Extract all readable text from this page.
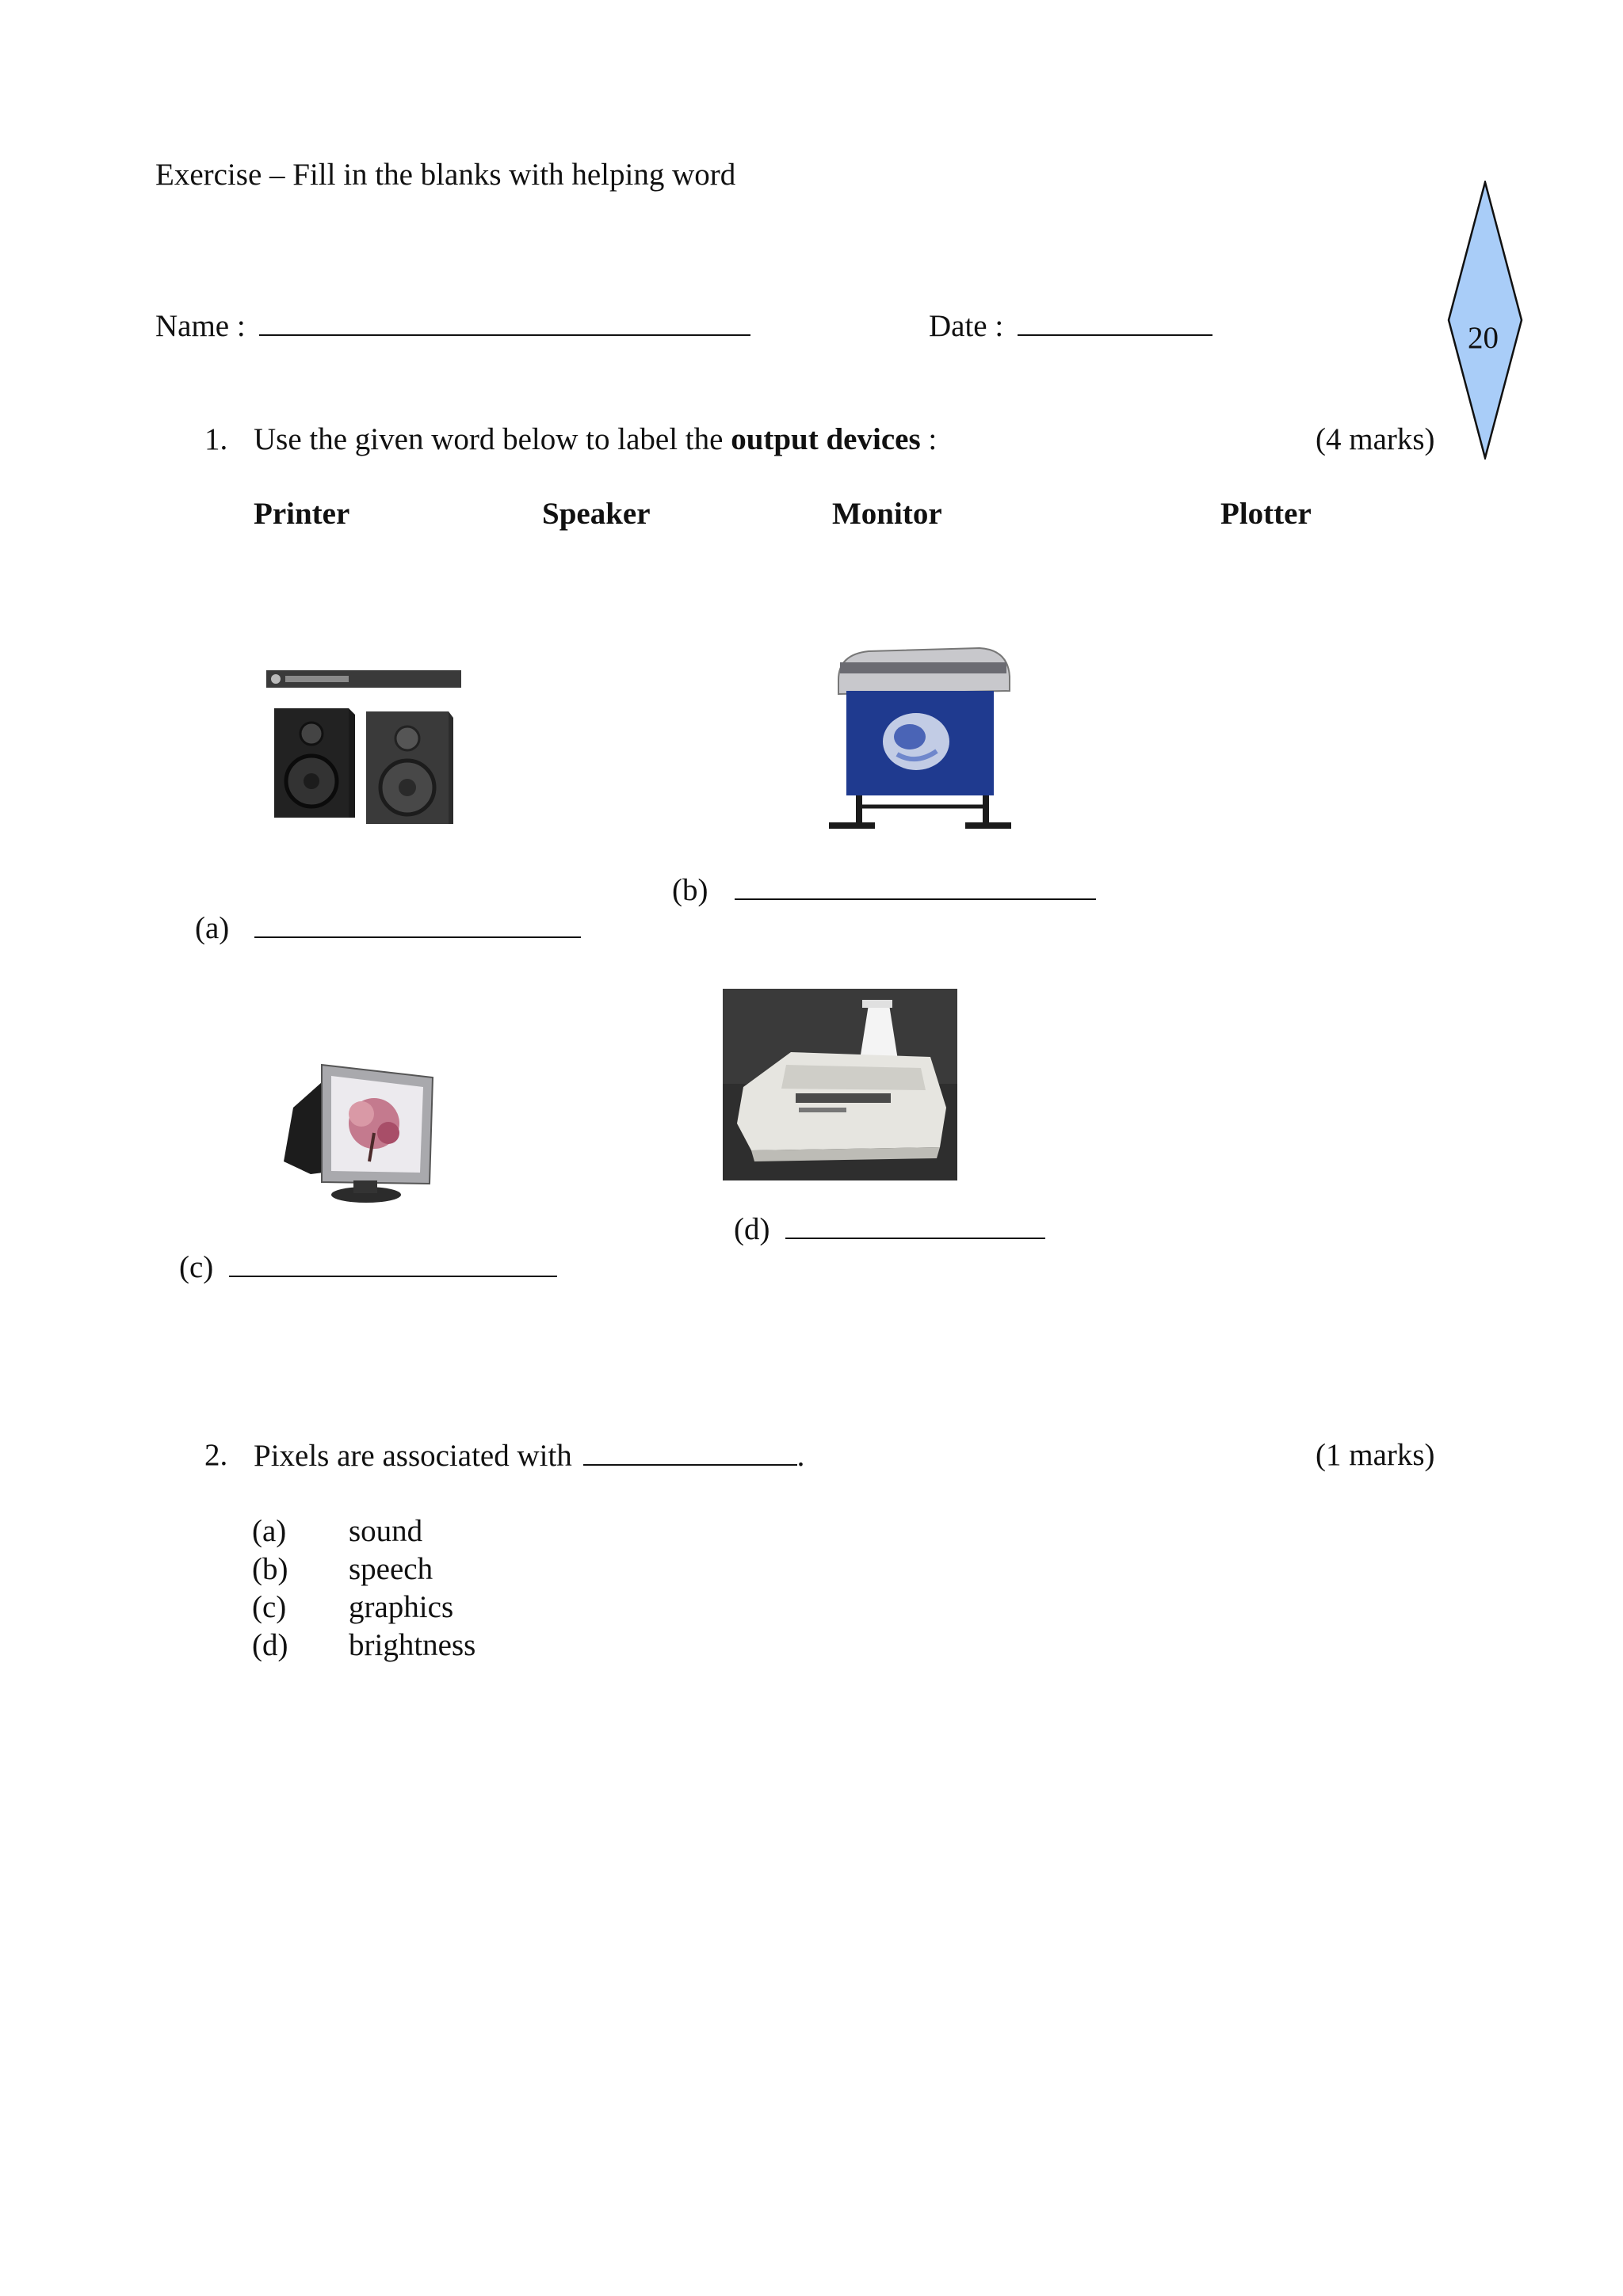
Exercise – Fill in the blanks with helping word
Name :	Date :	20
1. Use the given word below to label the output devices :	(4 marks)
Printer	Speaker	Monitor	Plotter
(b)
(a)
(d)
(c)
2. Pixels are associated with	.	(1 marks)
(a) sound
(b) speech
(c) graphics
(d) brightness
